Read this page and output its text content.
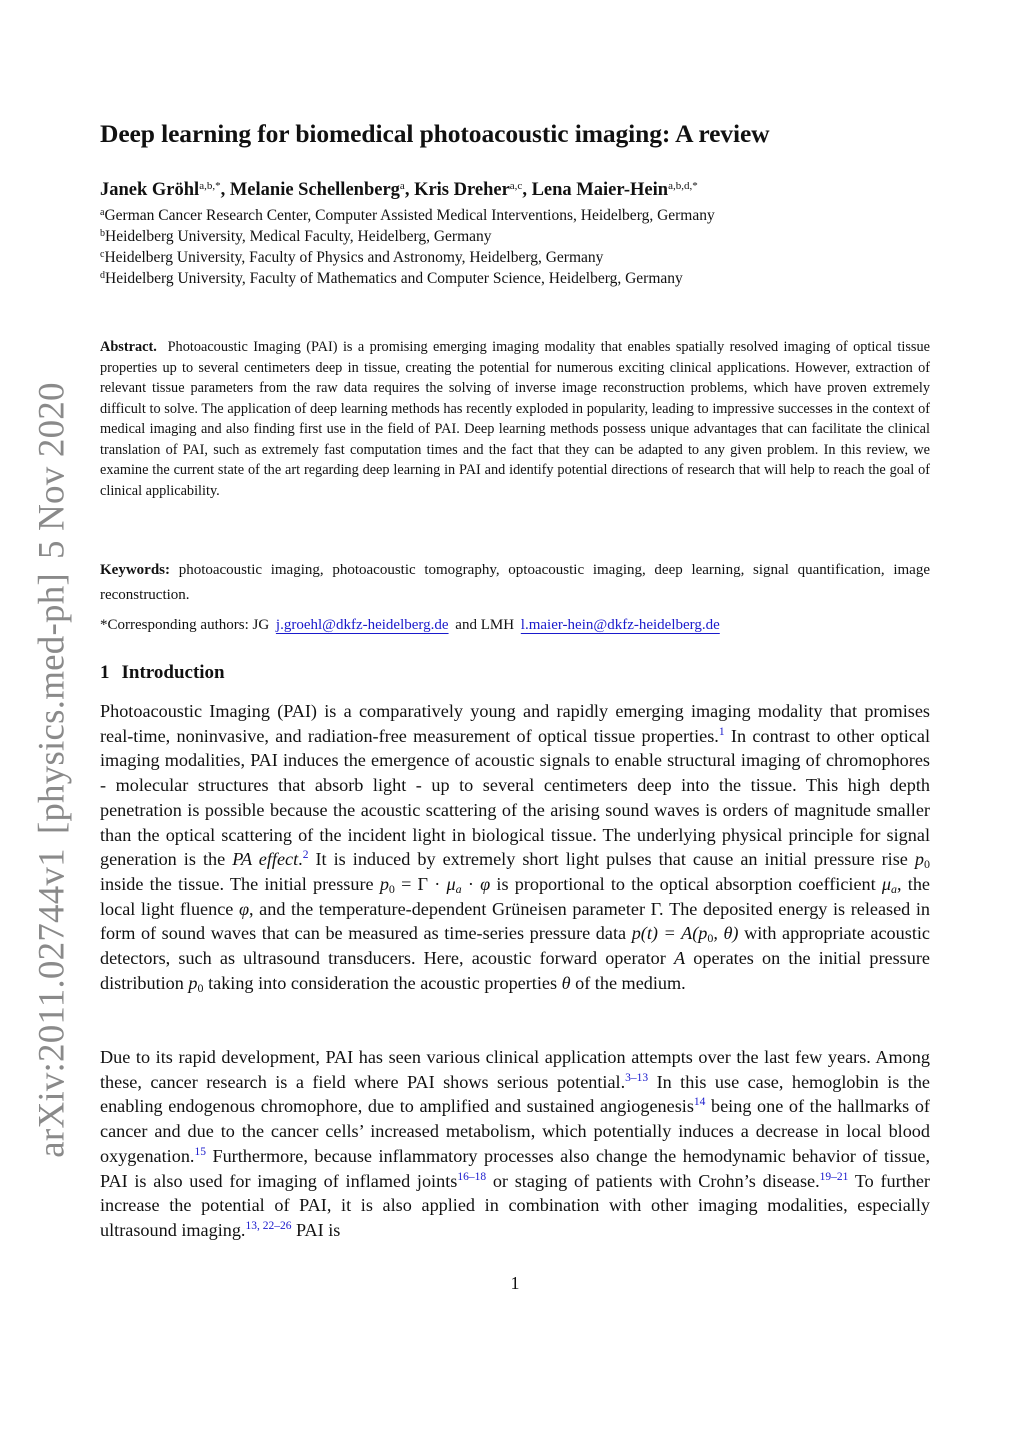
arXiv:2011.02744v1[physics.med-ph]5 Nov 2020
Deep learning for biomedical photoacoustic imaging: A review
Janek Gröhl$^{a,b,*}$, Melanie Schellenberg$^a$, Kris Dreher$^{a,c}$, Lena Maier-Hein$^{a,b,d,*}$
$^a$German Cancer Research Center, Computer Assisted Medical Interventions, Heidelberg, Germany
$^b$Heidelberg University, Medical Faculty, Heidelberg, Germany
$^c$Heidelberg University, Faculty of Physics and Astronomy, Heidelberg, Germany
$^d$Heidelberg University, Faculty of Mathematics and Computer Science, Heidelberg, Germany
Abstract. Photoacoustic Imaging (PAI) is a promising emerging imaging modality that enables spatially resolved imaging of optical tissue properties up to several centimeters deep in tissue, creating the potential for numerous exciting clinical applications. However, extraction of relevant tissue parameters from the raw data requires the solving of inverse image reconstruction problems, which have proven extremely difficult to solve. The application of deep learning methods has recently exploded in popularity, leading to impressive successes in the context of medical imaging and also finding first use in the field of PAI. Deep learning methods possess unique advantages that can facilitate the clinical translation of PAI, such as extremely fast computation times and the fact that they can be adapted to any given problem. In this review, we examine the current state of the art regarding deep learning in PAI and identify potential directions of research that will help to reach the goal of clinical applicability.
Keywords: photoacoustic imaging, photoacoustic tomography, optoacoustic imaging, deep learning, signal quantification, image reconstruction.
*Corresponding authors: JG j.groehl@dkfz-heidelberg.de and LMH l.maier-hein@dkfz-heidelberg.de
1 Introduction
Photoacoustic Imaging (PAI) is a comparatively young and rapidly emerging imaging modality that promises real-time, noninvasive, and radiation-free measurement of optical tissue properties.$^1$ In contrast to other optical imaging modalities, PAI induces the emergence of acoustic signals to enable structural imaging of chromophores - molecular structures that absorb light - up to several centimeters deep into the tissue. This high depth penetration is possible because the acoustic scattering of the arising sound waves is orders of magnitude smaller than the optical scattering of the incident light in biological tissue. The underlying physical principle for signal generation is the PA effect.$^2$ It is induced by extremely short light pulses that cause an initial pressure rise $p_0$ inside the tissue. The initial pressure $p_0 = \Gamma \cdot \mu_a \cdot \varphi$ is proportional to the optical absorption coefficient $\mu_a$, the local light fluence φ, and the temperature-dependent Grüneisen parameter Γ. The deposited energy is released in form of sound waves that can be measured as time-series pressure data $p(t) = A(p_0$, θ) with appropriate acoustic detectors, such as ultrasound transducers. Here, acoustic forward operator A operates on the initial pressure distribution $p_0$ taking into consideration the acoustic properties θ of the medium.
Due to its rapid development, PAI has seen various clinical application attempts over the last few years. Among these, cancer research is a field where PAI shows serious potential.$^{3-13}$ In this use case, hemoglobin is the enabling endogenous chromophore, due to amplified and sustained angiogenesis$^{14}$ being one of the hallmarks of cancer and due to the cancer cells’ increased metabolism, which potentially induces a decrease in local blood oxygenation.$^{15}$ Furthermore, because inflammatory processes also change the hemodynamic behavior of tissue, PAI is also used for imaging of inflamed joints$^{16-18}$ or staging of patients with Crohn’s disease.$^{19-21}$ To further increase the potential of PAI, it is also applied in combination with other imaging modalities, especially ultrasound imaging.$^{13, 22-26}$ PAI is
1
